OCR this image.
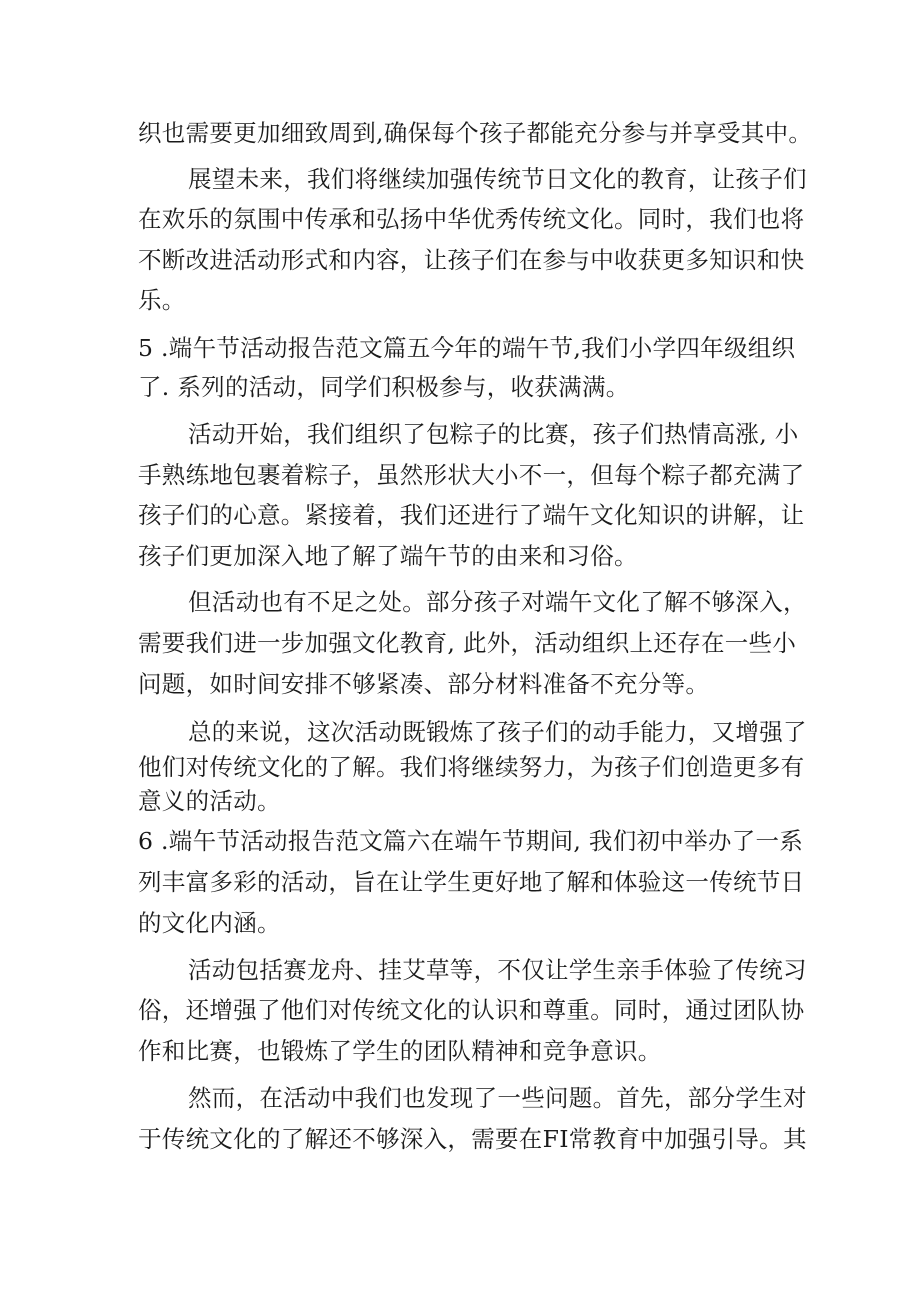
织也需要更加细致周到,确保每个孩子都能充分参与并享受其中。
展望未来，我们将继续加强传统节日文化的教育，让孩子们
在欢乐的氛围中传承和弘扬中华优秀传统文化。同时，我们也将
不断改进活动形式和内容，让孩子们在参与中收获更多知识和快
乐。
5 .端午节活动报告范文篇五今年的端午节,我们小学四年级组织
了. 系列的活动，同学们积极参与，收获满满。
活动开始，我们组织了包粽子的比赛，孩子们热情高涨, 小
手熟练地包裹着粽子，虽然形状大小不一，但每个粽子都充满了
孩子们的心意。紧接着，我们还进行了端午文化知识的讲解，让
孩子们更加深入地了解了端午节的由来和习俗。
但活动也有不足之处。部分孩子对端午文化了解不够深入，
需要我们进一步加强文化教育, 此外，活动组织上还存在一些小
问题，如时间安排不够紧凑、部分材料准备不充分等。
总的来说，这次活动既锻炼了孩子们的动手能力，又增强了
他们对传统文化的了解。我们将继续努力，为孩子们创造更多有
意义的活动。
6 .端午节活动报告范文篇六在端午节期间, 我们初中举办了一系
列丰富多彩的活动，旨在让学生更好地了解和体验这一传统节日
的文化内涵。
活动包括赛龙舟、挂艾草等，不仅让学生亲手体验了传统习
俗，还增强了他们对传统文化的认识和尊重。同时，通过团队协
作和比赛，也锻炼了学生的团队精神和竞争意识。
然而，在活动中我们也发现了一些问题。首先，部分学生对
于传统文化的了解还不够深入，需要在FI常教育中加强引导。其
